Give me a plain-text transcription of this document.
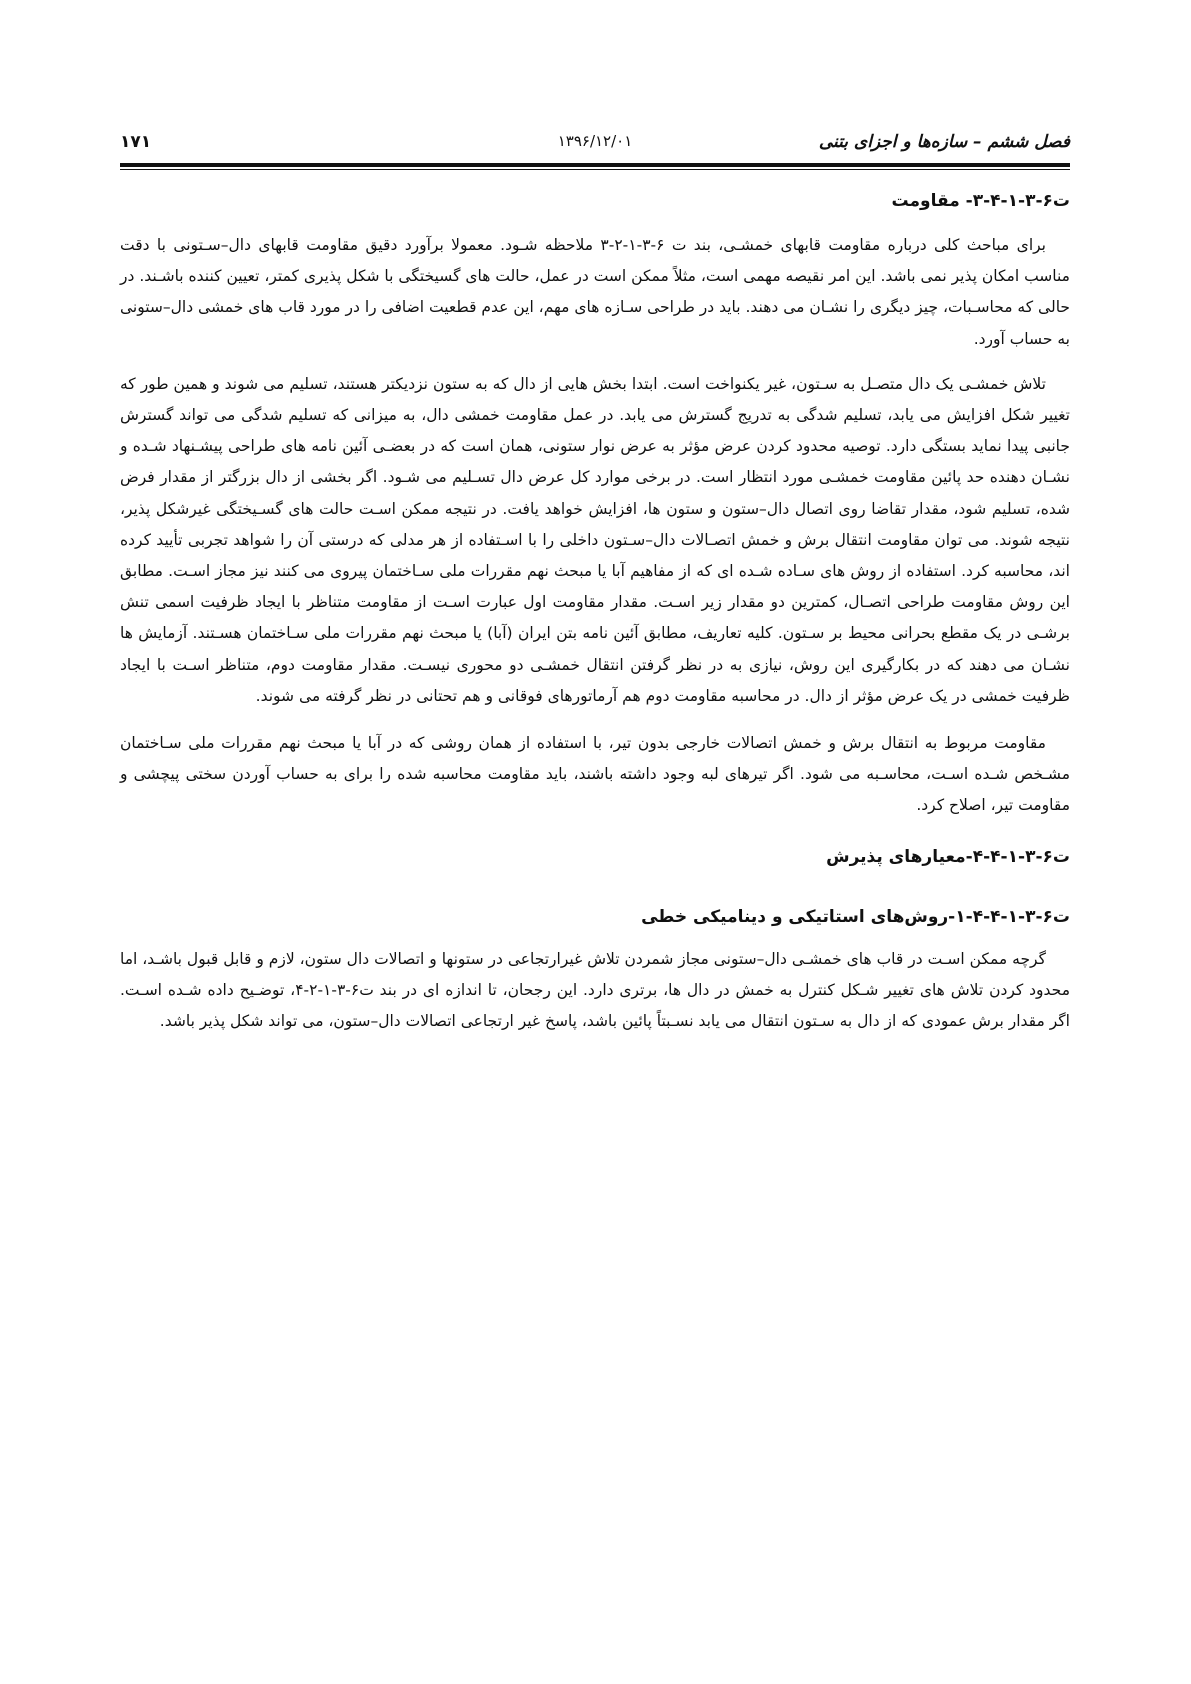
۱۷۱	۱۳۹۶/۱۲/۰۱	فصل ششم – سازه‌ها و اجزای بتنی
ت۶-۳-۱-۴-۳- مقاومت

برای مباحث کلی درباره مقاومت قابهای خمشـی، بند ت ۶-۳-۱-۲-۳ ملاحظه شـود. معمولا برآورد دقیق مقاومت قابهای دال–سـتونی با دقت مناسب امکان پذیر نمی باشد. این امر نقیصه مهمی است، مثلاً ممکن است در عمل، حالت های گسیختگی با شکل پذیری کمتر، تعیین کننده باشـند. در حالی که محاسـبات، چیز دیگری را نشـان می دهند. باید در طراحی سـازه های مهم، این عدم قطعیت اضافی را در مورد قاب های خمشی دال–ستونی به حساب آورد.

تلاش خمشـی یک دال متصـل به سـتون، غیر یکنواخت است. ابتدا بخش هایی از دال که به ستون نزدیکتر هستند، تسلیم می شوند و همین طور که تغییر شکل افزایش می یابد، تسلیم شدگی به تدریج گسترش می یابد. در عمل مقاومت خمشی دال، به میزانی که تسلیم شدگی می تواند گسترش جانبی پیدا نماید بستگی دارد. توصیه محدود کردن عرض مؤثر به عرض نوار ستونی، همان است که در بعضـی آئین نامه های طراحی پیشـنهاد شـده و نشـان دهنده حد پائین مقاومت خمشـی مورد انتظار است. در برخی موارد کل عرض دال تسـلیم می شـود. اگر بخشی از دال بزرگتر از مقدار فرض شده، تسلیم شود، مقدار تقاضا روی اتصال دال–ستون و ستون ها، افزایش خواهد یافت. در نتیجه ممکن اسـت حالت های گسـیختگی غیرشکل پذیر، نتیجه شوند. می توان مقاومت انتقال برش و خمش اتصـالات دال–سـتون داخلی را با اسـتفاده از هر مدلی که درستی آن را شواهد تجربی تأیید کرده اند، محاسبه کرد. استفاده از روش های سـاده شـده ای که از مفاهیم آبا یا مبحث نهم مقررات ملی سـاختمان پیروی می کنند نیز مجاز اسـت. مطابق این روش مقاومت طراحی اتصـال، کمترین دو مقدار زیر اسـت. مقدار مقاومت اول عبارت اسـت از مقاومت متناظر با ایجاد ظرفیت اسمی تنش برشـی در یک مقطع بحرانی محیط بر سـتون. کلیه تعاریف، مطابق آئین نامه بتن ایران (آبا) یا مبحث نهم مقررات ملی سـاختمان هسـتند. آزمایش ها نشـان می دهند که در بکارگیری این روش، نیازی به در نظر گرفتن انتقال خمشـی دو محوری نیسـت. مقدار مقاومت دوم، متناظر اسـت با ایجاد ظرفیت خمشی در یک عرض مؤثر از دال. در محاسبه مقاومت دوم هم آرماتورهای فوقانی و هم تحتانی در نظر گرفته می شوند.

مقاومت مربوط به انتقال برش و خمش اتصالات خارجی بدون تیر، با استفاده از همان روشی که در آبا یا مبحث نهم مقررات ملی سـاختمان مشـخص شـده اسـت، محاسـبه می شود. اگر تیرهای لبه وجود داشته باشند، باید مقاومت محاسبه شده را برای به حساب آوردن سختی پیچشی و مقاومت تیر، اصلاح کرد.

ت۶-۳-۱-۴-۴-معیارهای پذیرش
ت۶-۳-۱-۴-۴-۱-روش‌های استاتیکی و دینامیکی خطی

گرچه ممکن اسـت در قاب های خمشـی دال–ستونی مجاز شمردن تلاش غیرارتجاعی در ستونها و اتصالات دال ستون، لازم و قابل قبول باشـد، اما محدود کردن تلاش های تغییر شـکل کنترل به خمش در دال ها، برتری دارد. این رجحان، تا اندازه ای در بند ت۶-۳-۱-۲-۴، توضـیح داده شـده اسـت. اگر مقدار برش عمودی که از دال به سـتون انتقال می یابد نسـبتاً پائین باشد، پاسخ غیر ارتجاعی اتصالات دال–ستون، می تواند شکل پذیر باشد.
